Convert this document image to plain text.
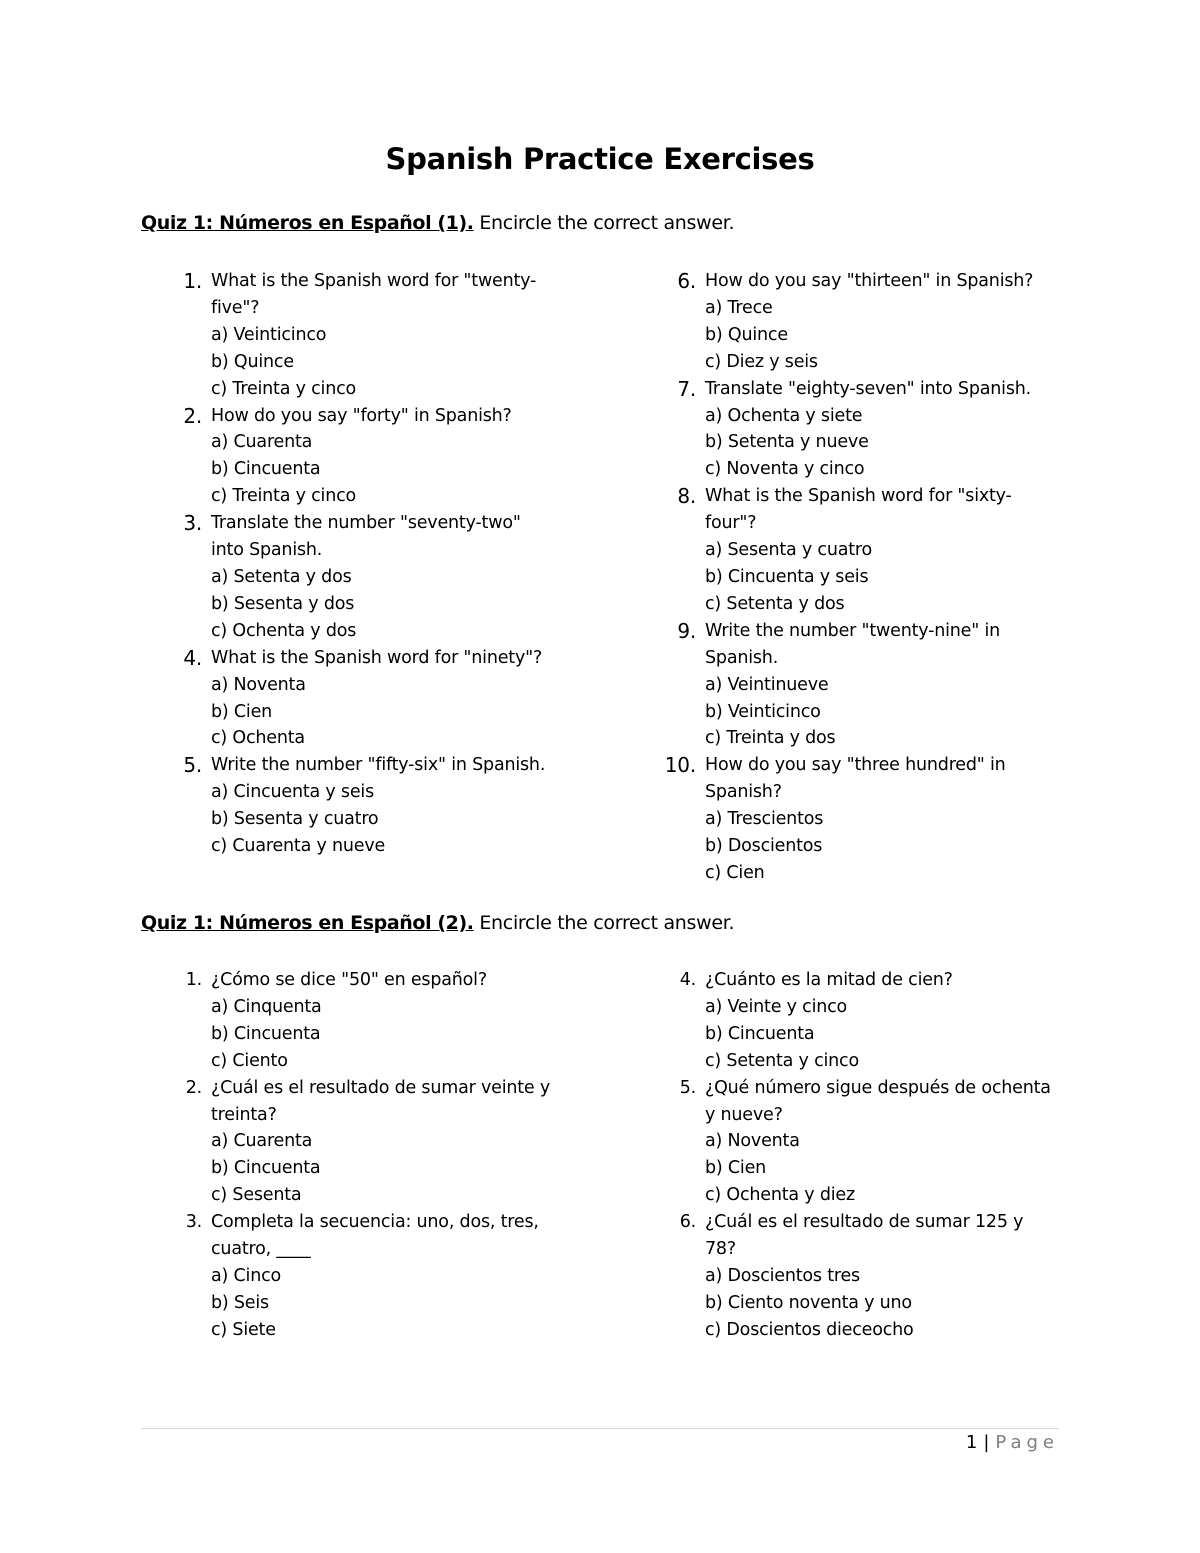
Spanish Practice Exercises
Quiz 1: Números en Español (1). Encircle the correct answer.
1. What is the Spanish word for "twenty-
five"?
a) Veinticinco
b) Quince
c) Treinta y cinco
2. How do you say "forty" in Spanish?
a) Cuarenta
b) Cincuenta
c) Treinta y cinco
3. Translate the number "seventy-two"
into Spanish.
a) Setenta y dos
b) Sesenta y dos
c) Ochenta y dos
4. What is the Spanish word for "ninety"?
a) Noventa
b) Cien
c) Ochenta
5. Write the number "fifty-six" in Spanish.
a) Cincuenta y seis
b) Sesenta y cuatro
c) Cuarenta y nueve
6. How do you say "thirteen" in Spanish?
a) Trece
b) Quince
c) Diez y seis
7. Translate "eighty-seven" into Spanish.
a) Ochenta y siete
b) Setenta y nueve
c) Noventa y cinco
8. What is the Spanish word for "sixty-
four"?
a) Sesenta y cuatro
b) Cincuenta y seis
c) Setenta y dos
9. Write the number "twenty-nine" in
Spanish.
a) Veintinueve
b) Veinticinco
c) Treinta y dos
10. How do you say "three hundred" in
Spanish?
a) Trescientos
b) Doscientos
c) Cien
Quiz 1: Números en Español (2). Encircle the correct answer.
1. ¿Cómo se dice "50" en español?
a) Cinquenta
b) Cincuenta
c) Ciento
2. ¿Cuál es el resultado de sumar veinte y
treinta?
a) Cuarenta
b) Cincuenta
c) Sesenta
3. Completa la secuencia: uno, dos, tres,
cuatro, ____
a) Cinco
b) Seis
c) Siete
4. ¿Cuánto es la mitad de cien?
a) Veinte y cinco
b) Cincuenta
c) Setenta y cinco
5. ¿Qué número sigue después de ochenta
y nueve?
a) Noventa
b) Cien
c) Ochenta y diez
6. ¿Cuál es el resultado de sumar 125 y
78?
a) Doscientos tres
b) Ciento noventa y uno
c) Doscientos dieceocho
1 | Page
